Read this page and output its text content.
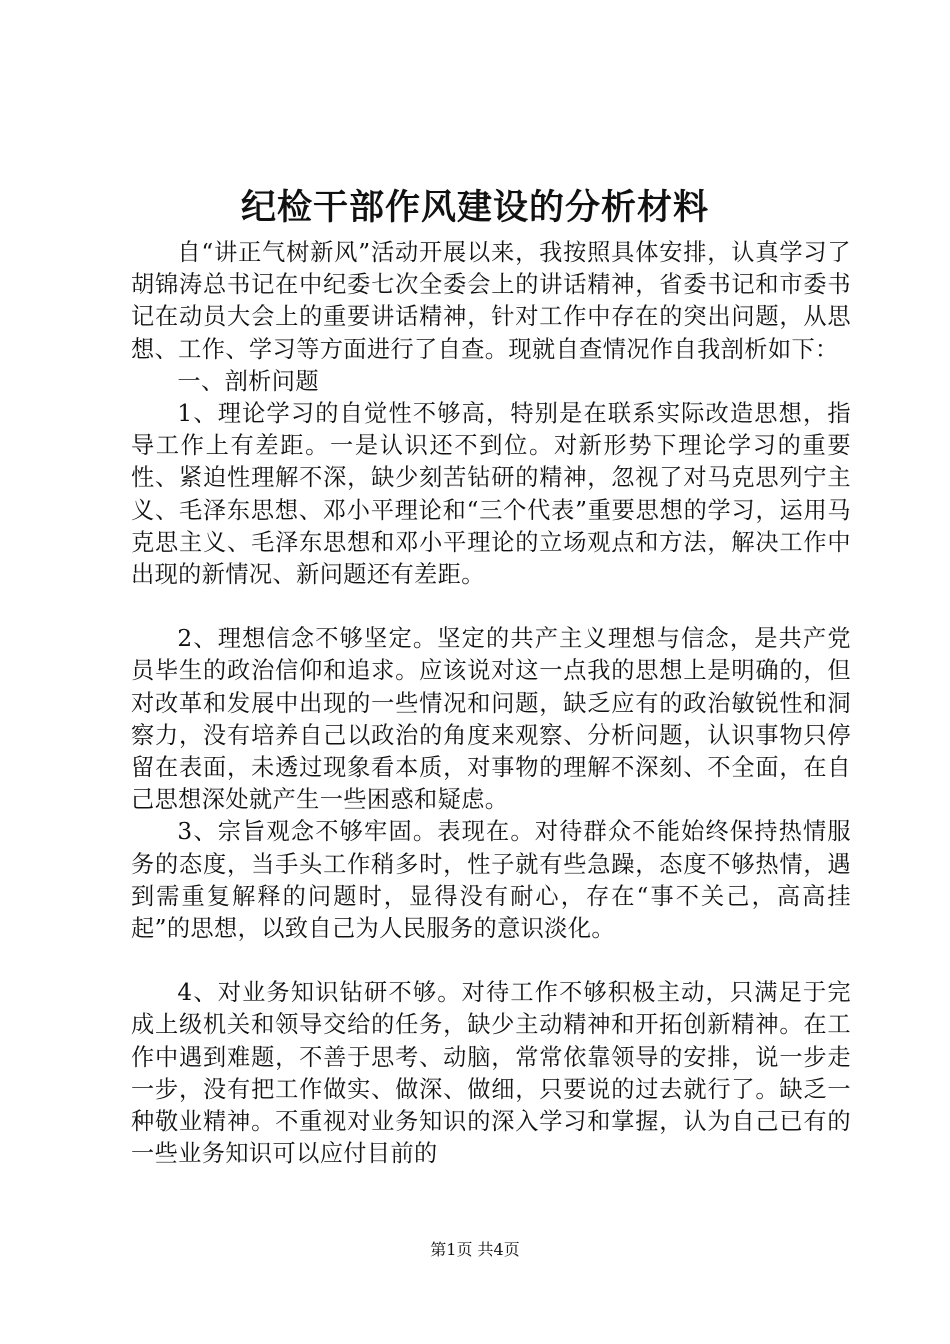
纪检干部作风建设的分析材料

自“讲正气树新风”活动开展以来，我按照具体安排，认真学习了胡锦涛总书记在中纪委七次全委会上的讲话精神，省委书记和市委书记在动员大会上的重要讲话精神，针对工作中存在的突出问题，从思想、工作、学习等方面进行了自查。现就自查情况作自我剖析如下：

一、剖析问题

1、理论学习的自觉性不够高，特别是在联系实际改造思想，指导工作上有差距。一是认识还不到位。对新形势下理论学习的重要性、紧迫性理解不深，缺少刻苦钻研的精神，忽视了对马克思列宁主义、毛泽东思想、邓小平理论和“三个代表”重要思想的学习，运用马克思主义、毛泽东思想和邓小平理论的立场观点和方法，解决工作中出现的新情况、新问题还有差距。

2、理想信念不够坚定。坚定的共产主义理想与信念，是共产党员毕生的政治信仰和追求。应该说对这一点我的思想上是明确的，但对改革和发展中出现的一些情况和问题，缺乏应有的政治敏锐性和洞察力，没有培养自己以政治的角度来观察、分析问题，认识事物只停留在表面，未透过现象看本质，对事物的理解不深刻、不全面，在自己思想深处就产生一些困惑和疑虑。

3、宗旨观念不够牢固。表现在。对待群众不能始终保持热情服务的态度，当手头工作稍多时，性子就有些急躁，态度不够热情，遇到需重复解释的问题时，显得没有耐心，存在“事不关己，高高挂起”的思想，以致自己为人民服务的意识淡化。

4、对业务知识钻研不够。对待工作不够积极主动，只满足于完成上级机关和领导交给的任务，缺少主动精神和开拓创新精神。在工作中遇到难题，不善于思考、动脑，常常依靠领导的安排，说一步走一步，没有把工作做实、做深、做细，只要说的过去就行了。缺乏一种敬业精神。不重视对业务知识的深入学习和掌握，认为自己已有的一些业务知识可以应付目前的

第1页 共4页
